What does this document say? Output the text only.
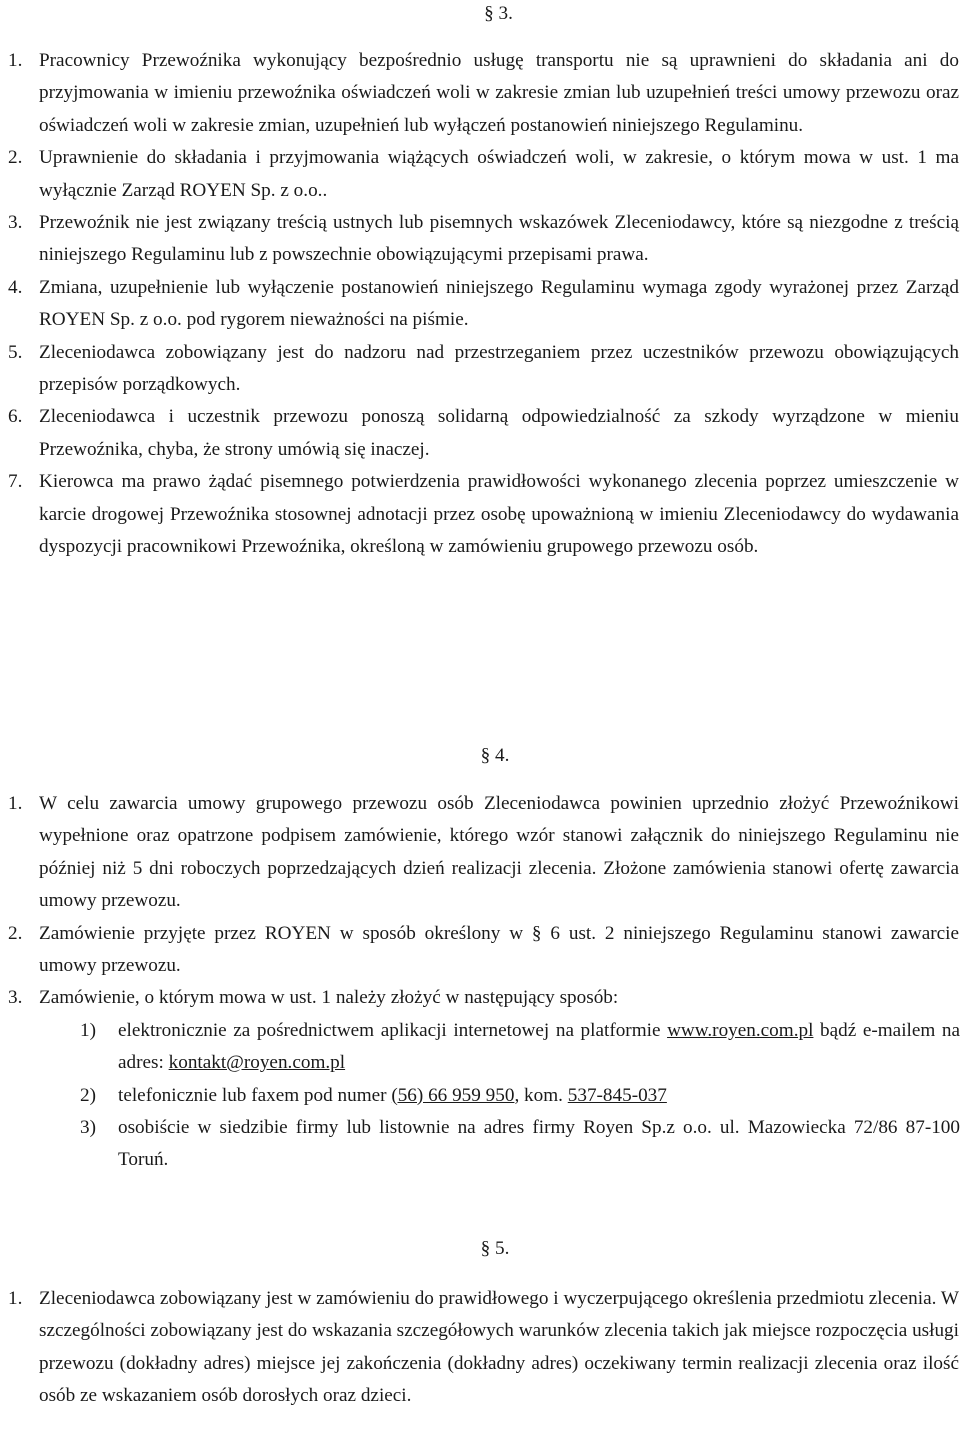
§ 3.
1. Pracownicy Przewoźnika wykonujący bezpośrednio usługę transportu nie są uprawnieni do składania ani do przyjmowania w imieniu przewoźnika oświadczeń woli w zakresie zmian lub uzupełnień treści umowy przewozu oraz oświadczeń woli w zakresie zmian, uzupełnień lub wyłączeń postanowień niniejszego Regulaminu.
2. Uprawnienie do składania i przyjmowania wiążących oświadczeń woli, w zakresie, o którym mowa w ust. 1 ma wyłącznie Zarząd ROYEN Sp. z o.o..
3. Przewoźnik nie jest związany treścią ustnych lub pisemnych wskazówek Zleceniodawcy, które są niezgodne z treścią niniejszego Regulaminu lub z powszechnie obowiązującymi przepisami prawa.
4. Zmiana, uzupełnienie lub wyłączenie postanowień niniejszego Regulaminu wymaga zgody wyrażonej przez Zarząd ROYEN Sp. z o.o. pod rygorem nieważności na piśmie.
5. Zleceniodawca zobowiązany jest do nadzoru nad przestrzeganiem przez uczestników przewozu obowiązujących przepisów porządkowych.
6. Zleceniodawca i uczestnik przewozu ponoszą solidarną odpowiedzialność za szkody wyrządzone w mieniu Przewoźnika, chyba, że strony umówią się inaczej.
7. Kierowca ma prawo żądać pisemnego potwierdzenia prawidłowości wykonanego zlecenia poprzez umieszczenie w karcie drogowej Przewoźnika stosownej adnotacji przez osobę upoważnioną w imieniu Zleceniodawcy do wydawania dyspozycji pracownikowi Przewoźnika, określoną w zamówieniu grupowego przewozu osób.
§ 4.
1. W celu zawarcia umowy grupowego przewozu osób Zleceniodawca powinien uprzednio złożyć Przewoźnikowi wypełnione oraz opatrzone podpisem zamówienie, którego wzór stanowi załącznik do niniejszego Regulaminu nie później niż 5 dni roboczych poprzedzających dzień realizacji zlecenia. Złożone zamówienia stanowi ofertę zawarcia umowy przewozu.
2. Zamówienie przyjęte przez ROYEN w sposób określony w § 6 ust. 2 niniejszego Regulaminu stanowi zawarcie umowy przewozu.
3. Zamówienie, o którym mowa w ust. 1 należy złożyć w następujący sposób:
1) elektronicznie za pośrednictwem aplikacji internetowej na platformie www.royen.com.pl bądź e-mailem na adres: kontakt@royen.com.pl
2) telefonicznie lub faxem pod numer (56) 66 959 950, kom. 537-845-037
3) osobiście w siedzibie firmy lub listownie na adres firmy Royen Sp.z o.o. ul. Mazowiecka 72/86 87-100 Toruń.
§ 5.
1. Zleceniodawca zobowiązany jest w zamówieniu do prawidłowego i wyczerpującego określenia przedmiotu zlecenia. W szczególności zobowiązany jest do wskazania szczegółowych warunków zlecenia takich jak miejsce rozpoczęcia usługi przewozu (dokładny adres) miejsce jej zakończenia (dokładny adres) oczekiwany termin realizacji zlecenia oraz ilość osób ze wskazaniem osób dorosłych oraz dzieci.
